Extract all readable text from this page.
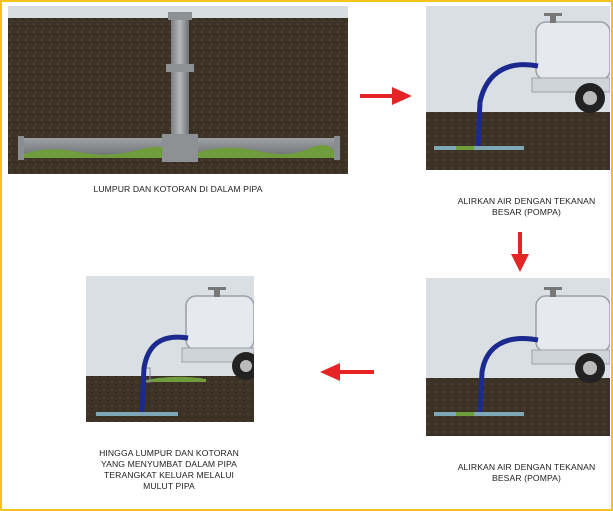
LUMPUR DAN KOTORAN DI DALAM PIPA
ALIRKAN AIR DENGAN TEKANAN
BESAR (POMPA)
ALIRKAN AIR DENGAN TEKANAN
BESAR (POMPA)
HINGGA LUMPUR DAN KOTORAN
YANG MENYUMBAT DALAM PIPA
TERANGKAT KELUAR MELALUI
MULUT PIPA
